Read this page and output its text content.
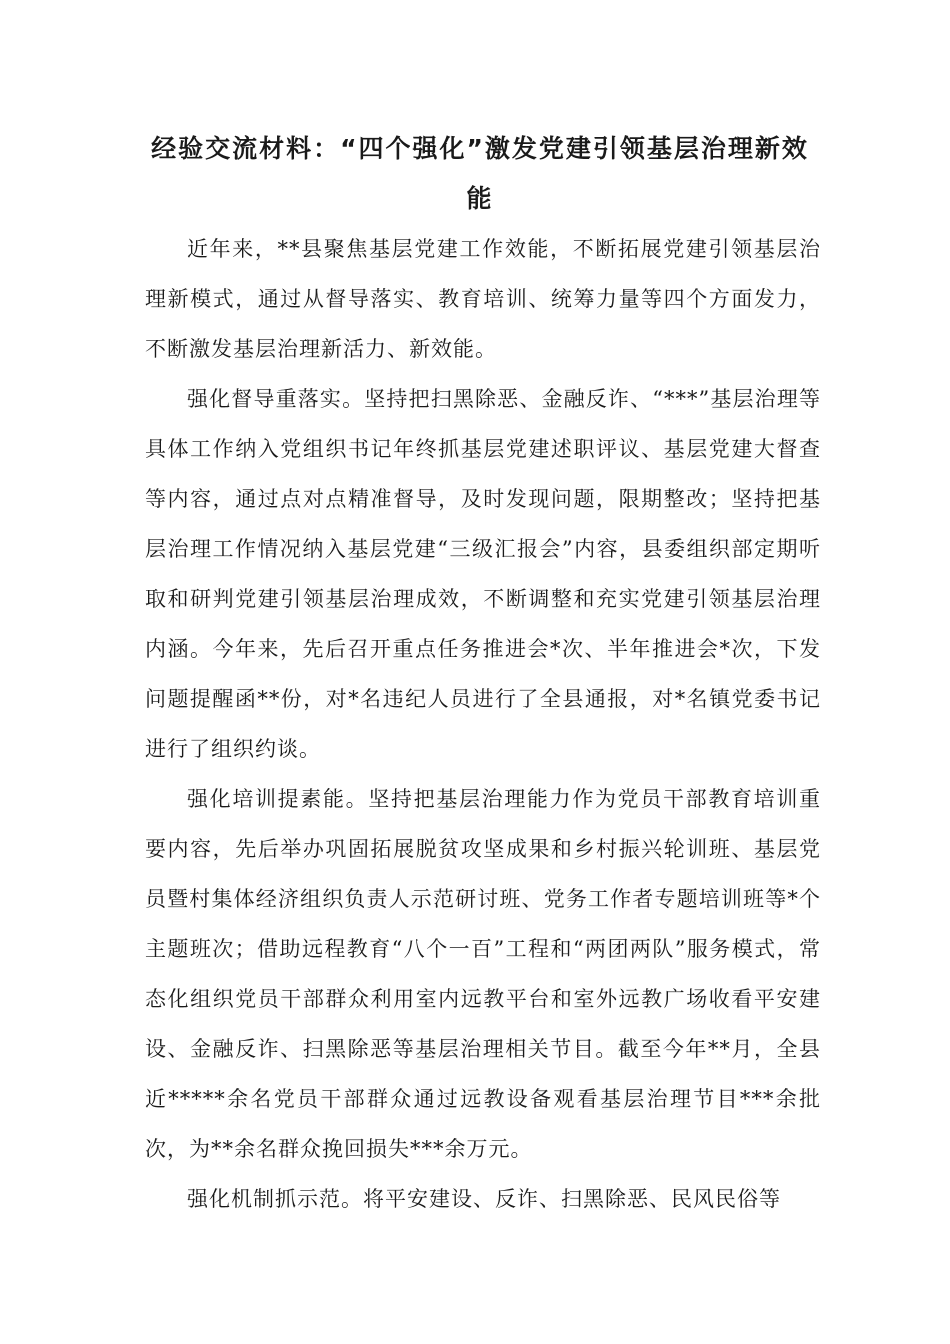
经验交流材料：“四个强化”激发党建引领基层治理新效能

近年来，**县聚焦基层党建工作效能，不断拓展党建引领基层治理新模式，通过从督导落实、教育培训、统筹力量等四个方面发力，不断激发基层治理新活力、新效能。

强化督导重落实。坚持把扫黑除恶、金融反诈、“***”基层治理等具体工作纳入党组织书记年终抓基层党建述职评议、基层党建大督查等内容，通过点对点精准督导，及时发现问题，限期整改；坚持把基层治理工作情况纳入基层党建“三级汇报会”内容，县委组织部定期听取和研判党建引领基层治理成效，不断调整和充实党建引领基层治理内涵。今年来，先后召开重点任务推进会*次、半年推进会*次，下发问题提醒函**份，对*名违纪人员进行了全县通报，对*名镇党委书记进行了组织约谈。

强化培训提素能。坚持把基层治理能力作为党员干部教育培训重要内容，先后举办巩固拓展脱贫攻坚成果和乡村振兴轮训班、基层党员暨村集体经济组织负责人示范研讨班、党务工作者专题培训班等*个主题班次；借助远程教育“八个一百”工程和“两团两队”服务模式，常态化组织党员干部群众利用室内远教平台和室外远教广场收看平安建设、金融反诈、扫黑除恶等基层治理相关节目。截至今年**月，全县近*****余名党员干部群众通过远教设备观看基层治理节目***余批次，为**余名群众挽回损失***余万元。

强化机制抓示范。将平安建设、反诈、扫黑除恶、民风民俗等
